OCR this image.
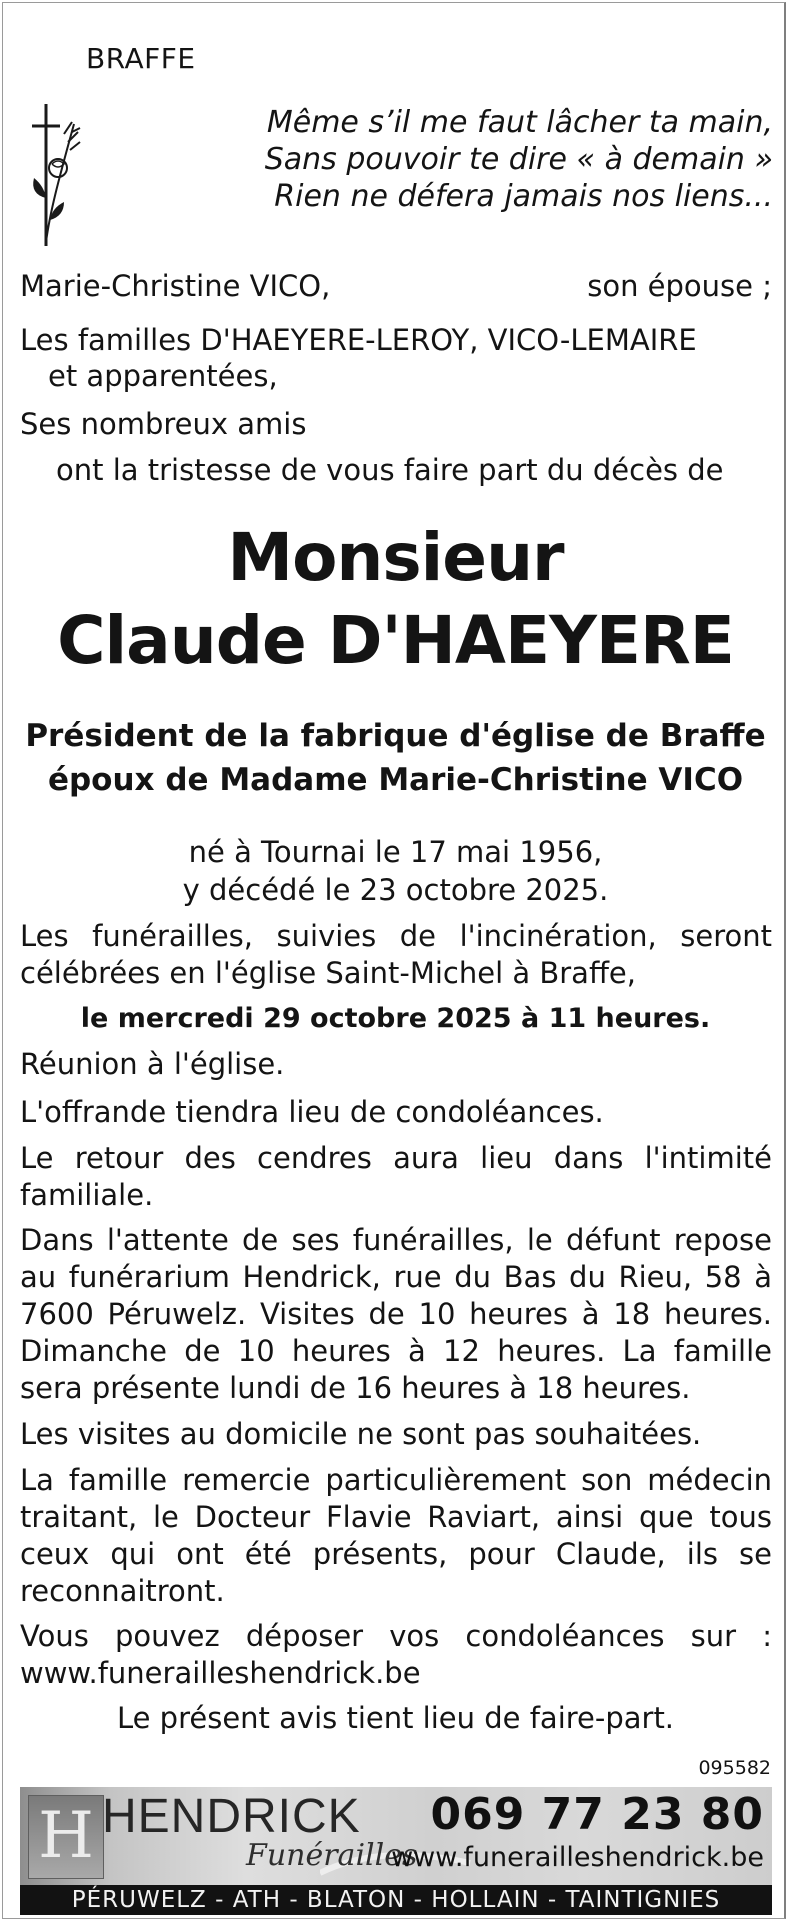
BRAFFE

Même s’il me faut lâcher ta main,
Sans pouvoir te dire « à demain »
Rien ne défera jamais nos liens...
Marie-Christine VICO,	son épouse ;

Les familles D'HAEYERE-LEROY, VICO-LEMAIRE

et apparentées,

Ses nombreux amis

ont la tristesse de vous faire part du décès de

Monsieur
Claude D'HAEYERE

Président de la fabrique d'église de Braffe

époux de Madame Marie-Christine VICO

né à Tournai le 17 mai 1956,

y décédé le 23 octobre 2025.

Les funérailles, suivies de l'incinération, seront célébrées en l'église Saint-Michel à Braffe,

le mercredi 29 octobre 2025 à 11 heures.

Réunion à l'église.

L'offrande tiendra lieu de condoléances.

Le retour des cendres aura lieu dans l'intimité familiale.

Dans l'attente de ses funérailles, le défunt repose au funérarium Hendrick, rue du Bas du Rieu, 58 à 7600 Péruwelz. Visites de 10 heures à 18 heures. Dimanche de 10 heures à 12 heures. La famille sera présente lundi de 16 heures à 18 heures.

Les visites au domicile ne sont pas souhaitées.

La famille remercie particulièrement son médecin traitant, le Docteur Flavie Raviart, ainsi que tous ceux qui ont été présents, pour Claude, ils se reconnaitront.

Vous pouvez déposer vos condoléances sur : www.funerailleshendrick.be

Le présent avis tient lieu de faire-part.

095582

H HENDRICK
Funérailles
069 77 23 80
www.funerailleshendrick.be
PÉRUWELZ - ATH - BLATON - HOLLAIN - TAINTIGNIES
